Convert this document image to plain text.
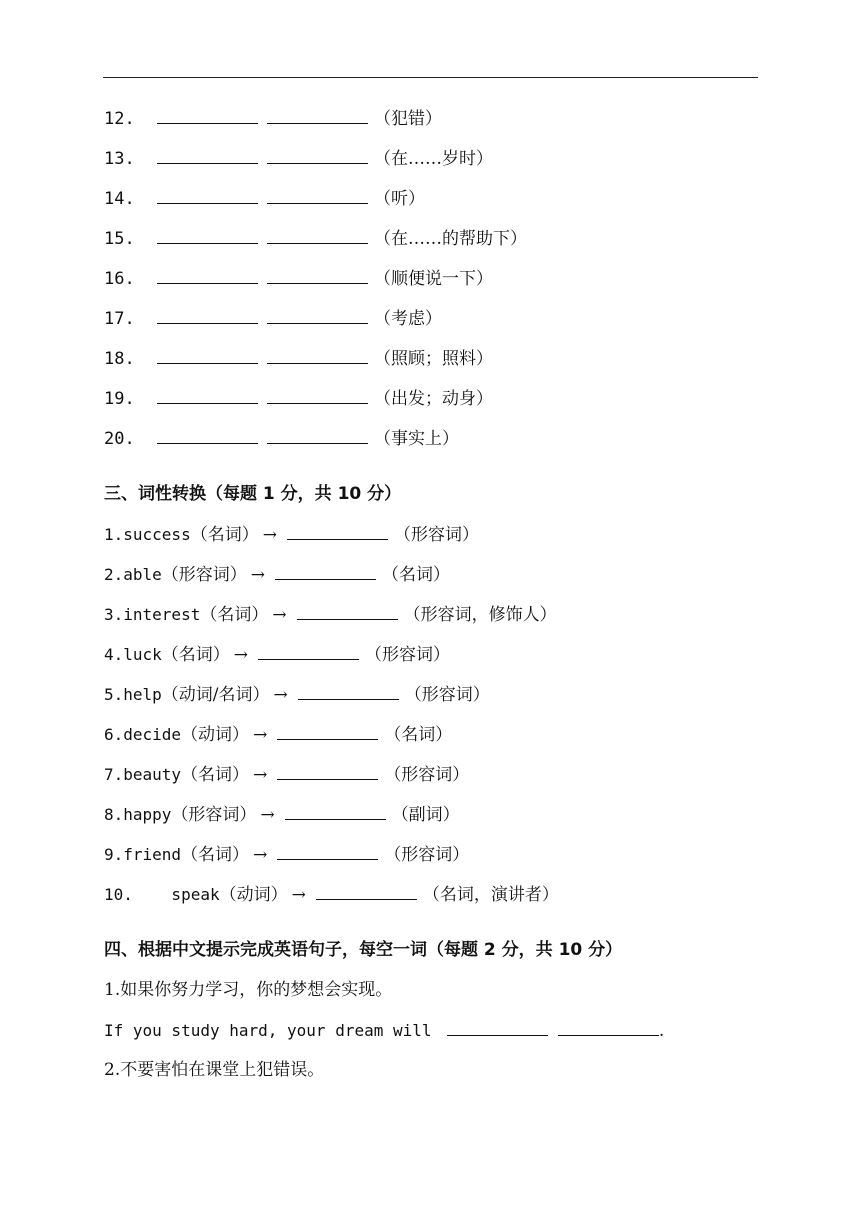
12.	（犯错）
13.	（在……岁时）
14.	（听）
15.	（在……的帮助下）
16.	（顺便说一下）
17.	（考虑）
18.	（照顾；照料）
19.	（出发；动身）
20.	（事实上）
三、词性转换（每题 1 分，共 10 分）
1.success（名词） →	（形容词）
2.able（形容词） →	（名词）
3.interest（名词） →	（形容词，修饰人）
4.luck（名词） →	（形容词）
5.help（动词/名词） →	（形容词）
6.decide（动词） →	（名词）
7.beauty（名词） →	（形容词）
8.happy（形容词） →	（副词）
9.friend（名词） →	（形容词）
10.    speak（动词） →	（名词，演讲者）
四、根据中文提示完成英语句子，每空一词（每题 2 分，共 10 分）
1.如果你努力学习，你的梦想会实现。
If you study hard, your dream will	.
2.不要害怕在课堂上犯错误。
